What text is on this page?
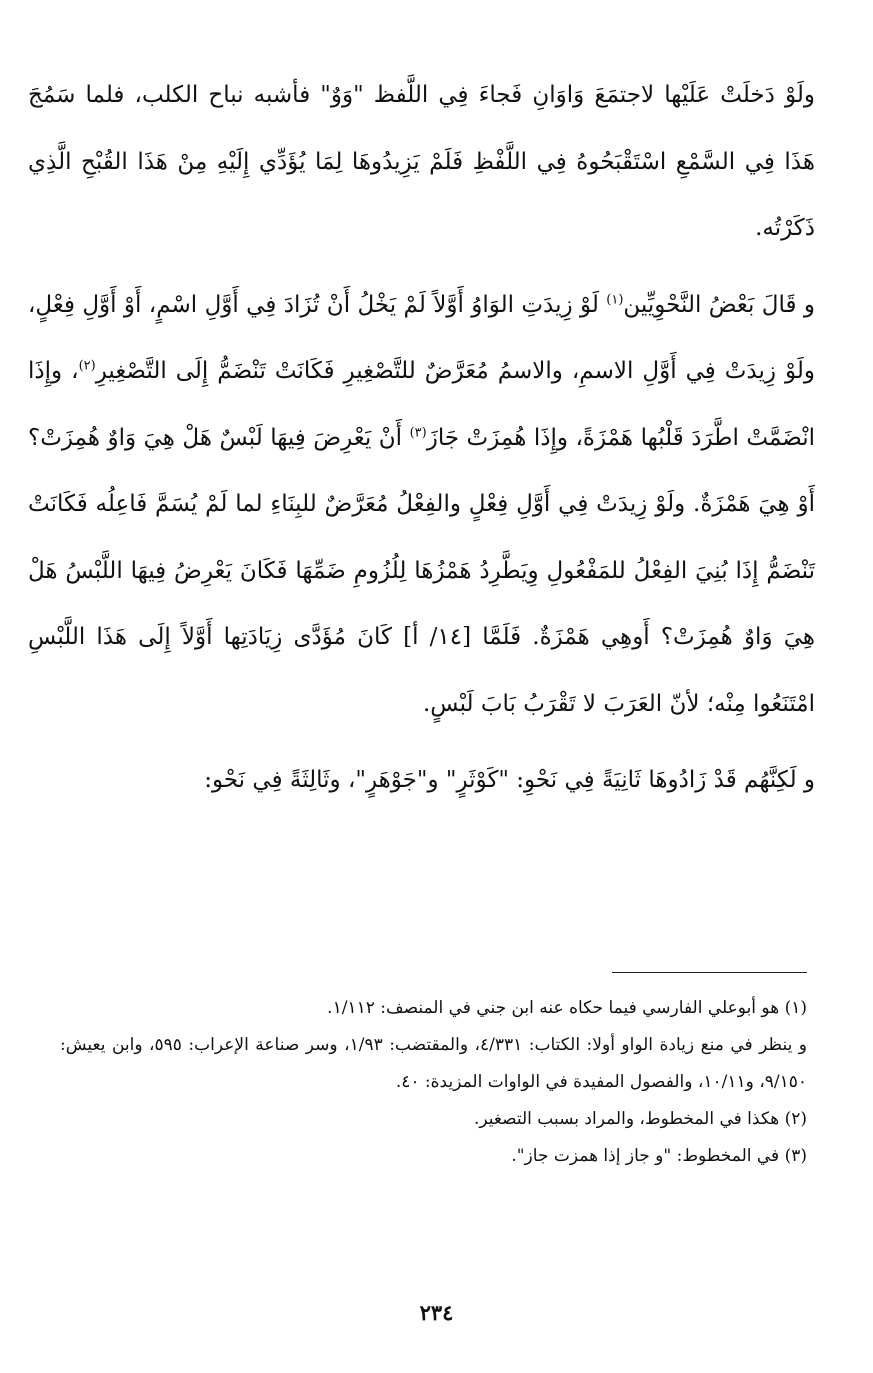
ولَوْ دَخلَتْ عَلَيْها لاجتمَعَ وَاوَانِ فَجاءَ فِي اللَّفظ "وَوٌ" فأشبه نباح الكلب، فلما سَمُجَ هَذَا فِي السَّمْعِ اسْتَقْبَحُوهُ فِي اللَّفْظِ فَلَمْ يَزِيدُوهَا لِمَا يُؤَدِّي إِلَيْهِ مِنْ هَذَا القُبْحِ الَّذِي ذَكَرْتُه.

و قَالَ بَعْضُ النَّحْوِيِّين$^{(١)}$ لَوْ زِيدَتِ الوَاوُ أَوَّلاً لَمْ يَخْلُ أَنْ تُزَادَ فِي أَوَّلِ اسْمٍ، أَوْ أَوَّلِ فِعْلٍ، ولَوْ زِيدَتْ فِي أَوَّلِ الاسمِ، والاسمُ مُعَرَّضٌ للتَّصْغِيرِ فَكَانَتْ تَنْضَمُّ إِلَى التَّصْغِيرِ$^{(٢)}$، وإِذَا انْضَمَّتْ اطَّرَدَ قَلْبُها هَمْزَةً، وإِذَا هُمِزَتْ جَازَ$^{(٣)}$ أَنْ يَعْرِضَ فِيهَا لَبْسٌ هَلْ هِيَ وَاوٌ هُمِزَتْ؟ أَوْ هِيَ هَمْزَةٌ. ولَوْ زِيدَتْ فِي أَوَّلِ فِعْلٍ والفِعْلُ مُعَرَّضٌ للبِنَاءِ لما لَمْ يُسَمَّ فَاعِلُه فَكَانَتْ تَنْضَمُّ إِذَا بُنِيَ الفِعْلُ للمَفْعُولِ وِيَطَّرِدُ هَمْزُهَا لِلُزُومِ ضَمِّهَا فَكَانَ يَعْرِضُ فِيهَا اللَّبْسُ هَلْ هِيَ وَاوٌ هُمِزَتْ؟ أَوهِي هَمْزَةٌ. فَلَمَّا [١٤/ أ] كَانَ مُؤَدَّى زِيَادَتِها أَوَّلاً إِلَى هَذَا اللَّبْسِ امْتَنَعُوا مِنْه؛ لأنّ العَرَبَ لا تَقْرَبُ بَابَ لَبْسٍ.

و لَكِنَّهُم قَدْ زَادُوهَا ثَانِيَةً فِي نَحْوِ: "كَوْثَرٍ" و"جَوْهَرٍ"، وثَالِثَةً فِي نَحْو:

(١) هو أبوعلي الفارسي فيما حكاه عنه ابن جني في المنصف: ١/١١٢.

و ينظر في منع زيادة الواو أولا: الكتاب: ٤/٣٣١، والمقتضب: ١/٩٣، وسر صناعة الإعراب: ٥٩٥، وابن يعيش: ٩/١٥٠، و١٠/١١، والفصول المفيدة في الواوات المزيدة: ٤٠.

(٢) هكذا في المخطوط، والمراد بسبب التصغير.

(٣) في المخطوط: "و جاز إذا همزت جاز".

٢٣٤
